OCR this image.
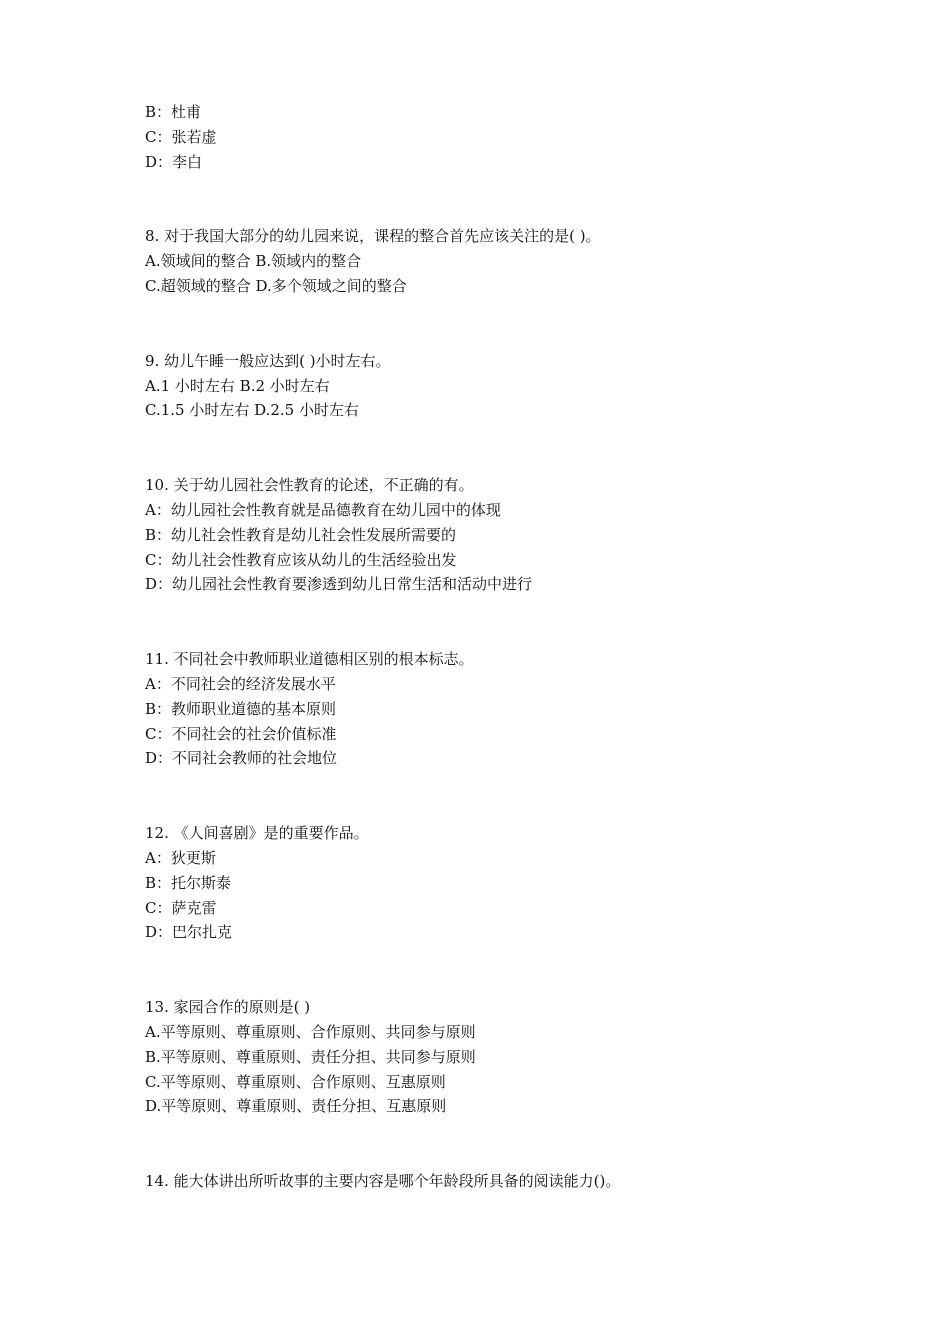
B：杜甫
C：张若虚
D：李白
8. 对于我国大部分的幼儿园来说，课程的整合首先应该关注的是( )。
A.领域间的整合 B.领域内的整合
C.超领域的整合 D.多个领域之间的整合
9. 幼儿午睡一般应达到( )小时左右。
A.1 小时左右 B.2 小时左右
C.1.5 小时左右 D.2.5 小时左右
10. 关于幼儿园社会性教育的论述，不正确的有。
A：幼儿园社会性教育就是品德教育在幼儿园中的体现
B：幼儿社会性教育是幼儿社会性发展所需要的
C：幼儿社会性教育应该从幼儿的生活经验出发
D：幼儿园社会性教育要渗透到幼儿日常生活和活动中进行
11. 不同社会中教师职业道德相区别的根本标志。
A：不同社会的经济发展水平
B：教师职业道德的基本原则
C：不同社会的社会价值标准
D：不同社会教师的社会地位
12. 《人间喜剧》是的重要作品。
A：狄更斯
B：托尔斯泰
C：萨克雷
D：巴尔扎克
13. 家园合作的原则是( )
A.平等原则、尊重原则、合作原则、共同参与原则
B.平等原则、尊重原则、责任分担、共同参与原则
C.平等原则、尊重原则、合作原则、互惠原则
D.平等原则、尊重原则、责任分担、互惠原则
14. 能大体讲出所听故事的主要内容是哪个年龄段所具备的阅读能力()。
